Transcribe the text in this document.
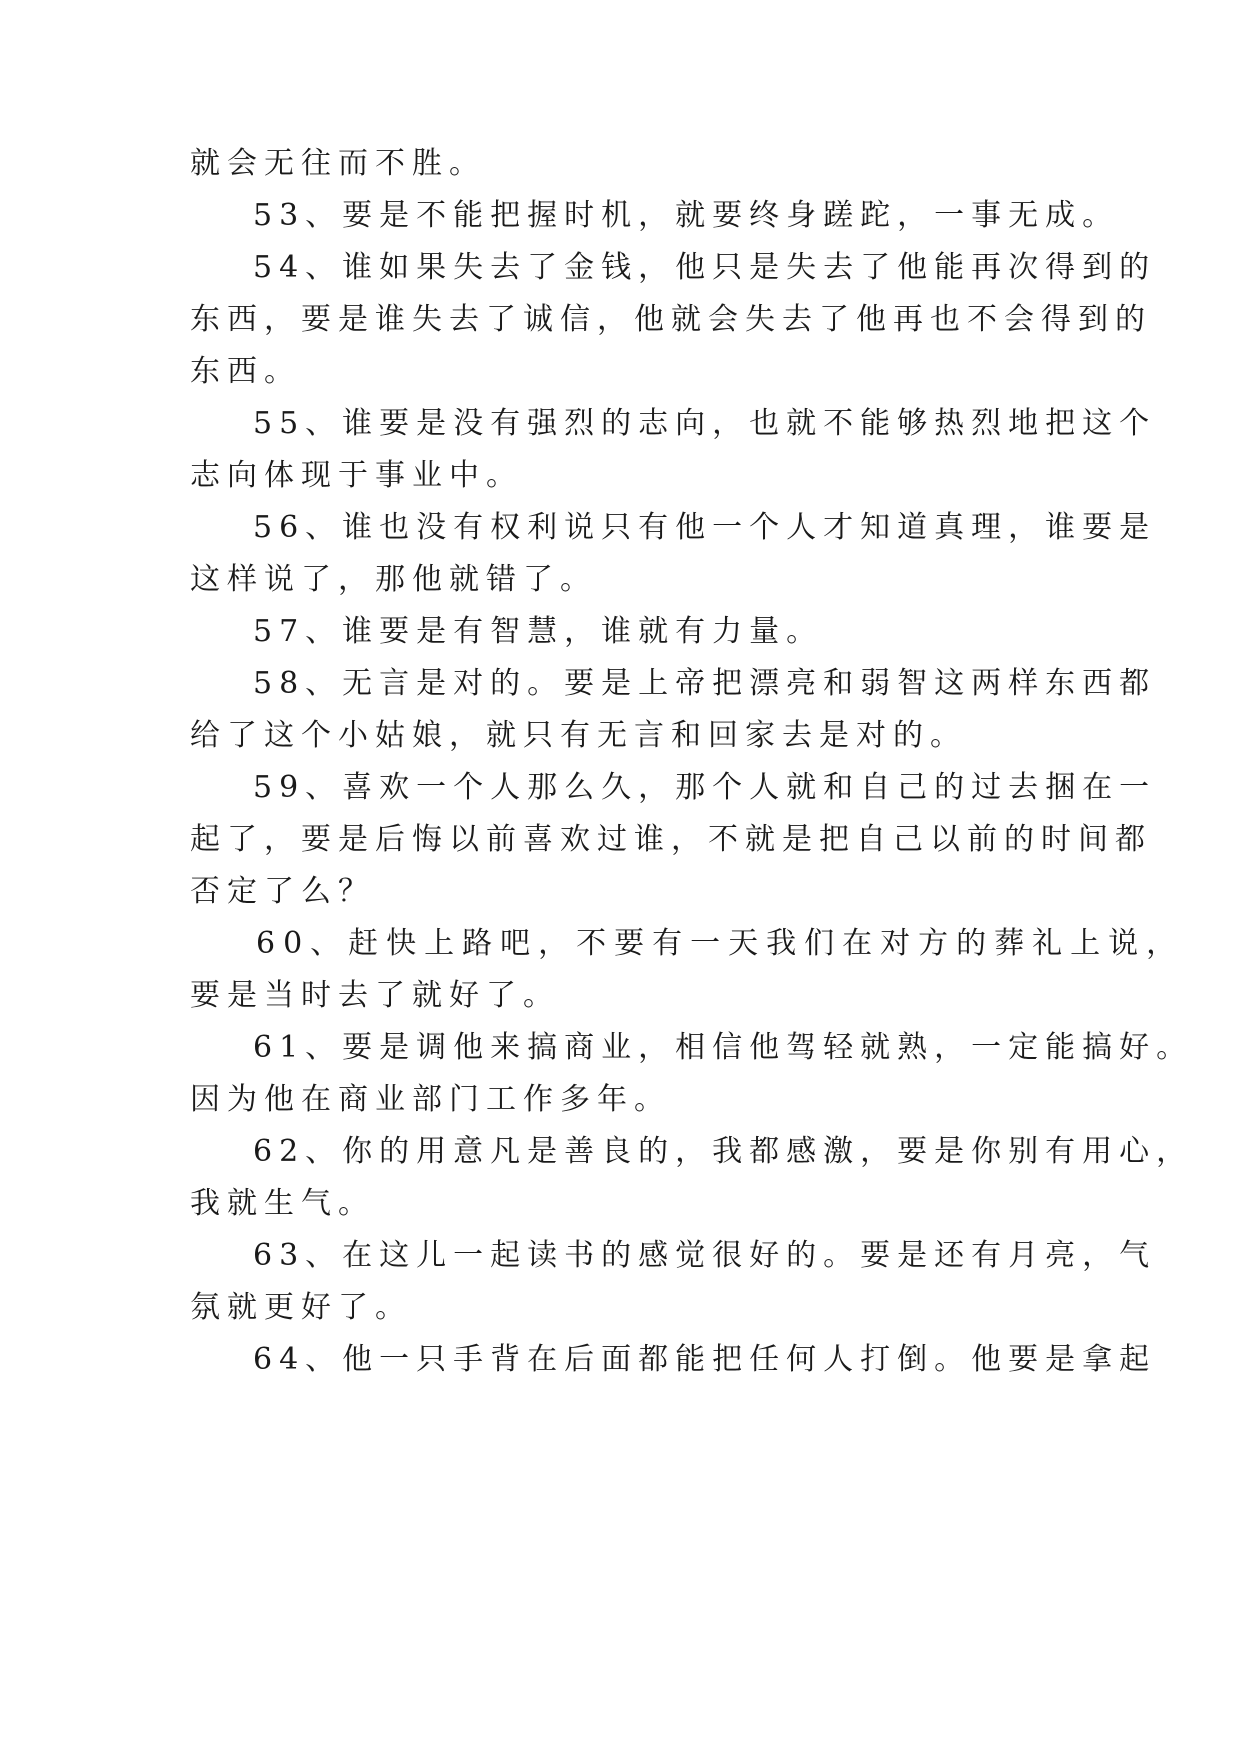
就会无往而不胜。
53、要是不能把握时机，就要终身蹉跎，一事无成。
54、谁如果失去了金钱，他只是失去了他能再次得到的
东西，要是谁失去了诚信，他就会失去了他再也不会得到的
东西。
55、谁要是没有强烈的志向，也就不能够热烈地把这个
志向体现于事业中。
56、谁也没有权利说只有他一个人才知道真理，谁要是
这样说了，那他就错了。
57、谁要是有智慧，谁就有力量。
58、无言是对的。要是上帝把漂亮和弱智这两样东西都
给了这个小姑娘，就只有无言和回家去是对的。
59、喜欢一个人那么久，那个人就和自己的过去捆在一
起了，要是后悔以前喜欢过谁，不就是把自己以前的时间都
否定了么？
60、赶快上路吧，不要有一天我们在对方的葬礼上说，
要是当时去了就好了。
61、要是调他来搞商业，相信他驾轻就熟，一定能搞好。
因为他在商业部门工作多年。
62、你的用意凡是善良的，我都感激，要是你别有用心，
我就生气。
63、在这儿一起读书的感觉很好的。要是还有月亮，气
氛就更好了。
64、他一只手背在后面都能把任何人打倒。他要是拿起
